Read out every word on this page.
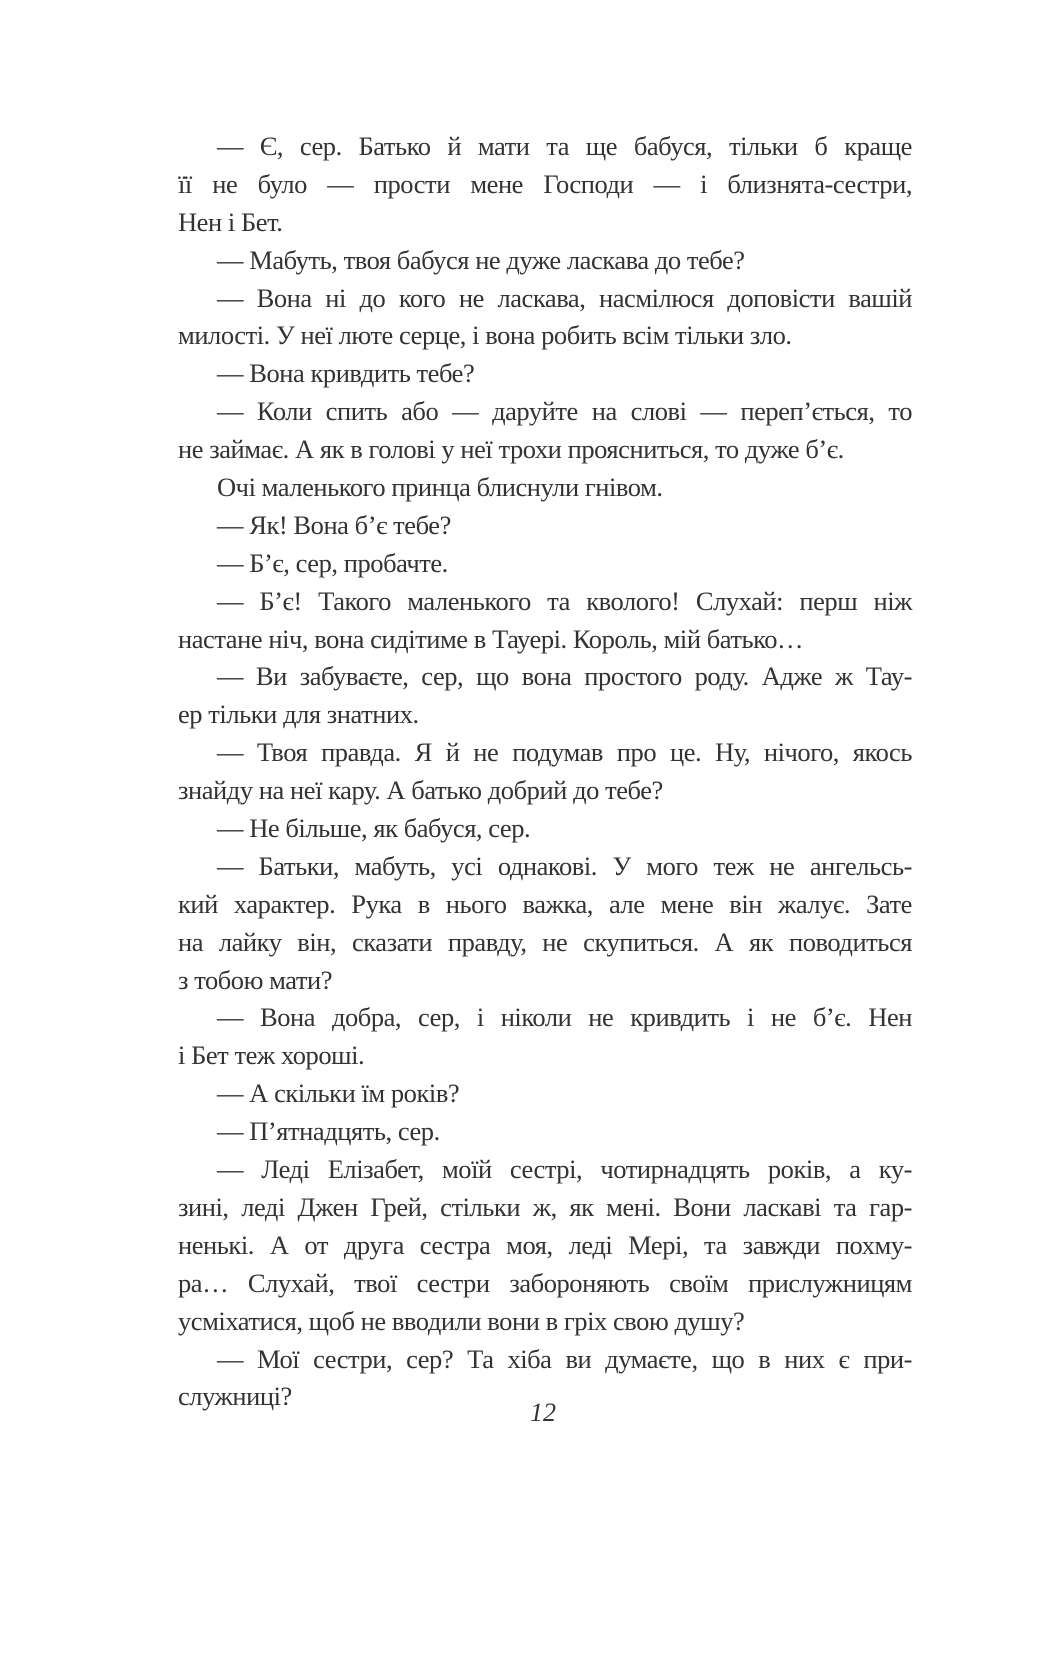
— Є, сер. Батько й мати та ще бабуся, тільки б краще
її не було — прости мене Господи — і близнята-сестри,
Нен і Бет.
— Мабуть, твоя бабуся не дуже ласкава до тебе?
— Вона ні до кого не ласкава, насмілюся доповісти вашій
милості. У неї люте серце, і вона робить всім тільки зло.
— Вона кривдить тебе?
— Коли спить або — даруйте на слові — переп’ється, то
не займає. А як в голові у неї трохи проясниться, то дуже б’є.
Очі маленького принца блиснули гнівом.
— Як! Вона б’є тебе?
— Б’є, сер, пробачте.
— Б’є! Такого маленького та кволого! Слухай: перш ніж
настане ніч, вона сидітиме в Тауері. Король, мій батько…
— Ви забуваєте, сер, що вона простого роду. Адже ж Тау-
ер тільки для знатних.
— Твоя правда. Я й не подумав про це. Ну, нічого, якось
знайду на неї кару. А батько добрий до тебе?
— Не більше, як бабуся, сер.
— Батьки, мабуть, усі однакові. У мого теж не ангельсь-
кий характер. Рука в нього важка, але мене він жалує. Зате
на лайку він, сказати правду, не скупиться. А як поводиться
з тобою мати?
— Вона добра, сер, і ніколи не кривдить і не б’є. Нен
і Бет теж хороші.
— А скільки їм років?
— П’ятнадцять, сер.
— Леді Елізабет, моїй сестрі, чотирнадцять років, а ку-
зині, леді Джен Грей, стільки ж, як мені. Вони ласкаві та гар-
ненькі. А от друга сестра моя, леді Мері, та завжди похму-
ра… Слухай, твої сестри забороняють своїм прислужницям
усміхатися, щоб не вводили вони в гріх свою душу?
— Мої сестри, сер? Та хіба ви думаєте, що в них є при-
служниці?
12
